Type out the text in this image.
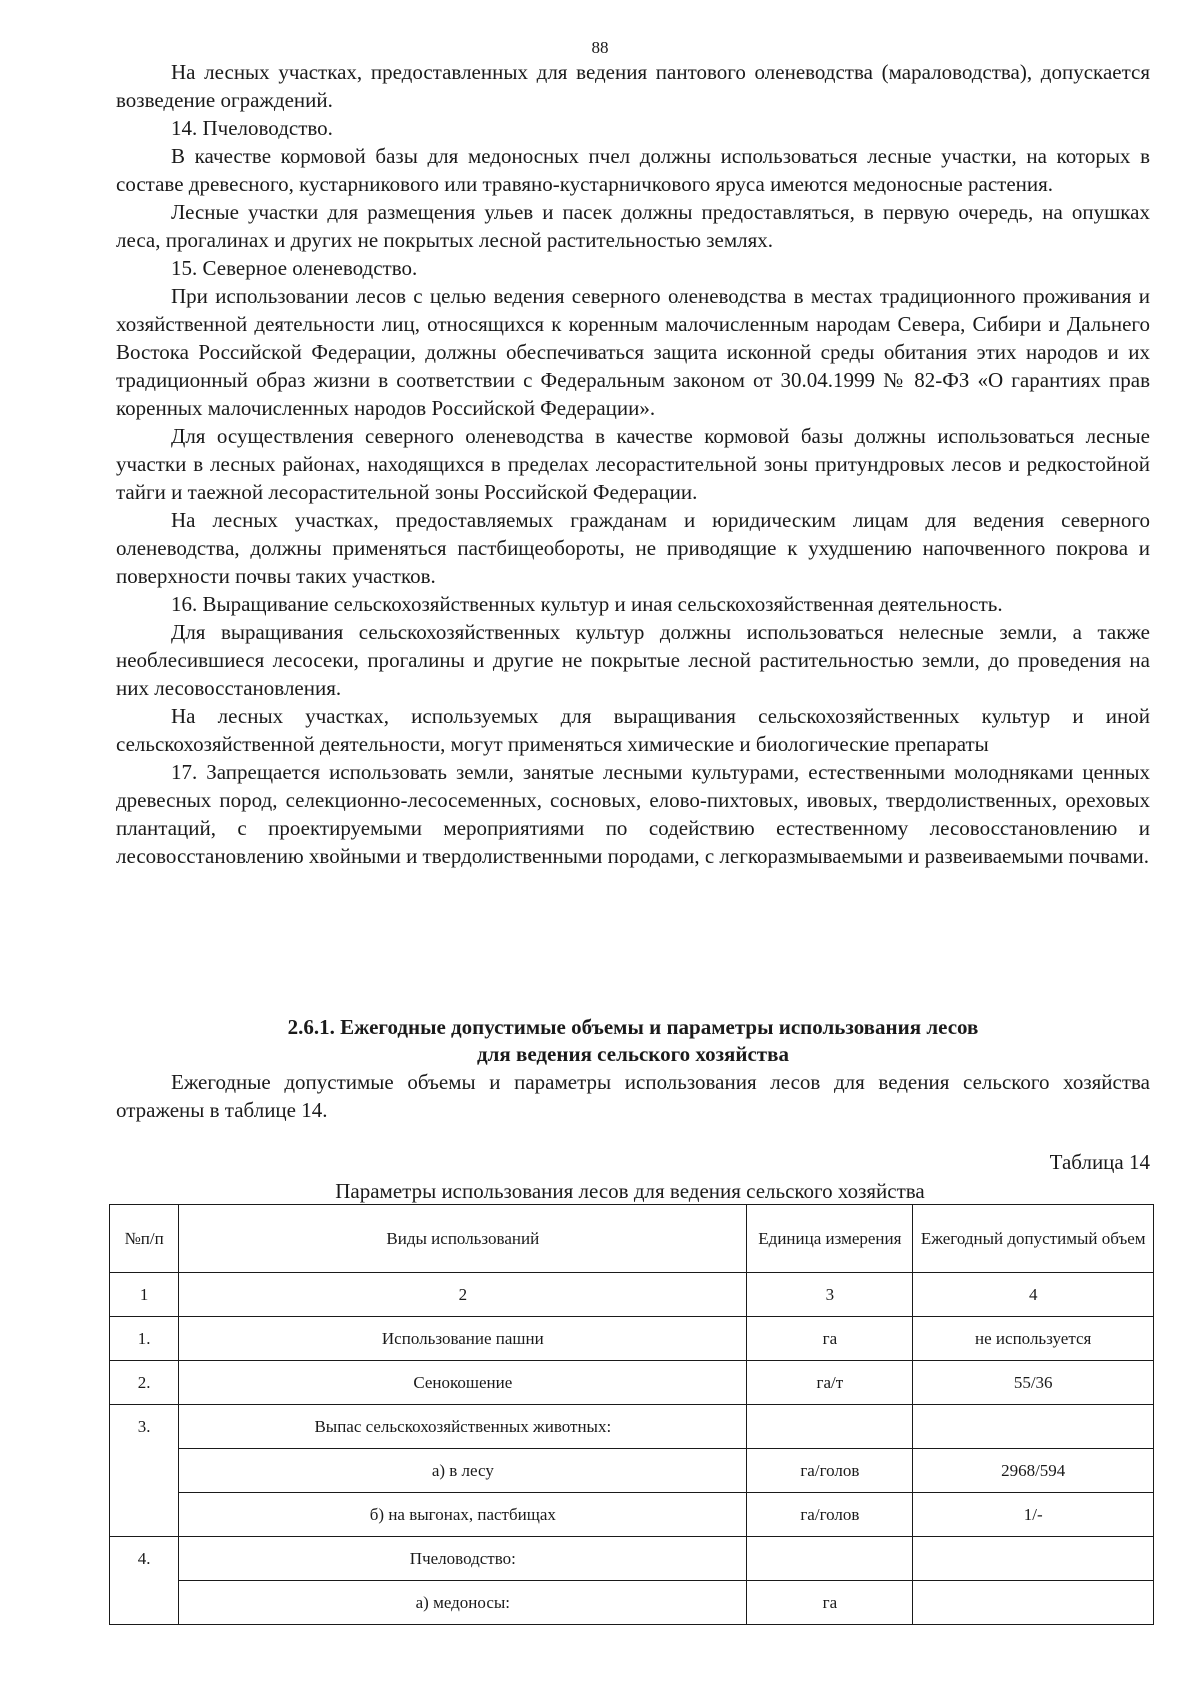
88

На лесных участках, предоставленных для ведения пантового оленеводства (мараловодства), допускается возведение ограждений.

14. Пчеловодство.

В качестве кормовой базы для медоносных пчел должны использоваться лесные участки, на которых в составе древесного, кустарникового или травяно-кустарничкового яруса имеются медоносные растения.

Лесные участки для размещения ульев и пасек должны предоставляться, в первую очередь, на опушках леса, прогалинах и других не покрытых лесной растительностью землях.

15. Северное оленеводство.

При использовании лесов с целью ведения северного оленеводства в местах традиционного проживания и хозяйственной деятельности лиц, относящихся к коренным малочисленным народам Севера, Сибири и Дальнего Востока Российской Федерации, должны обеспечиваться защита исконной среды обитания этих народов и их традиционный образ жизни в соответствии с Федеральным законом от 30.04.1999 № 82-ФЗ «О гарантиях прав коренных малочисленных народов Российской Федерации».

Для осуществления северного оленеводства в качестве кормовой базы должны использоваться лесные участки в лесных районах, находящихся в пределах лесорастительной зоны притундровых лесов и редкостойной тайги и таежной лесорастительной зоны Российской Федерации.

На лесных участках, предоставляемых гражданам и юридическим лицам для ведения северного оленеводства, должны применяться пастбищеобороты, не приводящие к ухудшению напочвенного покрова и поверхности почвы таких участков.

16. Выращивание сельскохозяйственных культур и иная сельскохозяйственная деятельность.

Для выращивания сельскохозяйственных культур должны использоваться нелесные земли, а также необлесившиеся лесосеки, прогалины и другие не покрытые лесной растительностью земли, до проведения на них лесовосстановления.

На лесных участках, используемых для выращивания сельскохозяйственных культур и иной сельскохозяйственной деятельности, могут применяться химические и биологические препараты

17. Запрещается использовать земли, занятые лесными культурами, естественными молодняками ценных древесных пород, селекционно-лесосеменных, сосновых, елово-пихтовых, ивовых, твердолиственных, ореховых плантаций, с проектируемыми мероприятиями по содействию естественному лесовосстановлению и лесовосстановлению хвойными и твердолиственными породами, с легкоразмываемыми и развеиваемыми почвами.

2.6.1. Ежегодные допустимые объемы и параметры использования лесов
для ведения сельского хозяйства

Ежегодные допустимые объемы и параметры использования лесов для ведения сельского хозяйства отражены в таблице 14.

Таблица 14
Параметры использования лесов для ведения сельского хозяйства
№п/п	Виды использований	Единица измерения	Ежегодный допустимый объем
1	2	3	4
1.	Использование пашни	га	не используется
2.	Сенокошение	га/т	55/36
3.	Выпас сельскохозяйственных животных:		
	а) в лесу	га/голов	2968/594
	б) на выгонах, пастбищах	га/голов	1/-
4.	Пчеловодство:		
	а) медоносы:	га	
